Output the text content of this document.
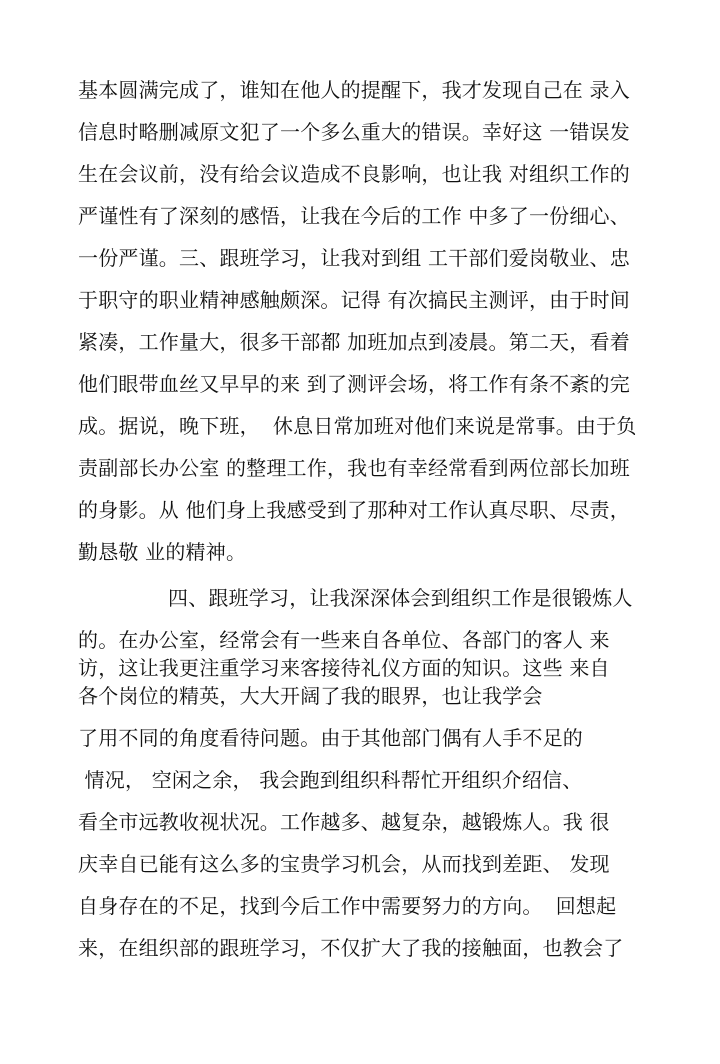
基本圆满完成了，谁知在他人的提醒下，我才发现自己在 录入
信息时略删减原文犯了一个多么重大的错误。幸好这 一错误发
生在会议前，没有给会议造成不良影响，也让我 对组织工作的
严谨性有了深刻的感悟，让我在今后的工作 中多了一份细心、
一份严谨。三、跟班学习，让我对到组 工干部们爱岗敬业、忠
于职守的职业精神感触颇深。记得 有次搞民主测评，由于时间
紧凑，工作量大，很多干部都 加班加点到凌晨。第二天，看着
他们眼带血丝又早早的来 到了测评会场，将工作有条不紊的完
成。据说，晚下班，  休息日常加班对他们来说是常事。由于负
责副部长办公室 的整理工作，我也有幸经常看到两位部长加班
的身影。从 他们身上我感受到了那种对工作认真尽职、尽责，
勤恳敬 业的精神。
四、跟班学习，让我深深体会到组织工作是很锻炼人
的。在办公室，经常会有一些来自各单位、各部门的客人 来
访，这让我更注重学习来客接待礼仪方面的知识。这些 来自
各个岗位的精英，大大开阔了我的眼界，也让我学会
了用不同的角度看待问题。由于其他部门偶有人手不足的
情况， 空闲之余， 我会跑到组织科帮忙开组织介绍信、
看全市远教收视状况。工作越多、越复杂，越锻炼人。我 很
庆幸自已能有这么多的宝贵学习机会，从而找到差距、 发现
自身存在的不足，找到今后工作中需要努力的方向。  回想起
来，在组织部的跟班学习，不仅扩大了我的接触面，也教会了
